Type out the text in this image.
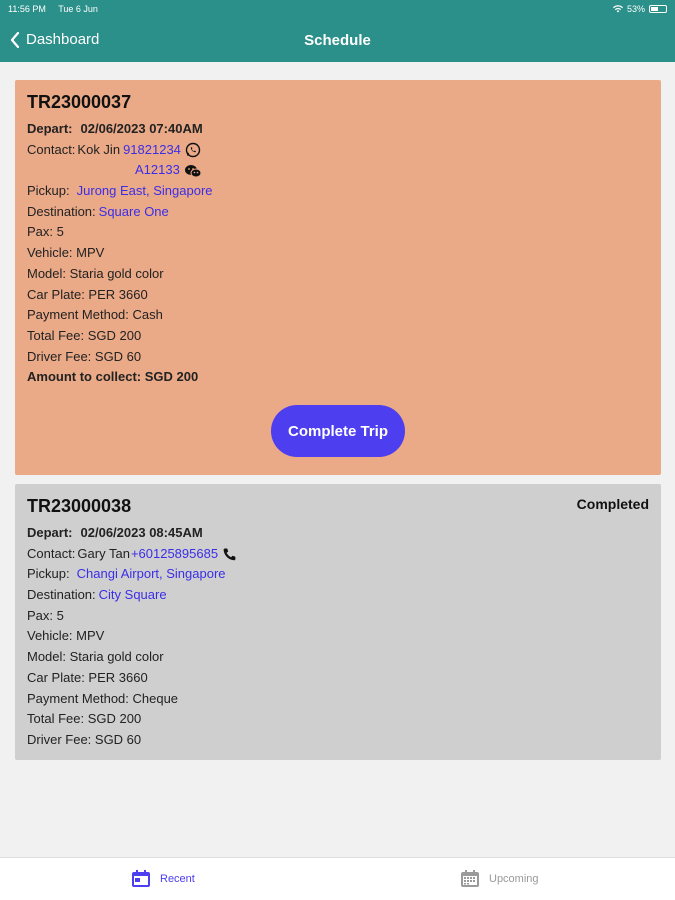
11:56 PM Tue 6 Jun	53%
Dashboard	Schedule
TR23000037
Depart: 02/06/2023 07:40AM
Contact: Kok Jin 91821234
A12133
Pickup: Jurong East, Singapore
Destination: Square One
Pax: 5
Vehicle: MPV
Model: Staria gold color
Car Plate: PER 3660
Payment Method: Cash
Total Fee: SGD 200
Driver Fee: SGD 60
Amount to collect: SGD 200
Complete Trip
Completed
TR23000038
Depart: 02/06/2023 08:45AM
Contact: Gary Tan +60125895685
Pickup: Changi Airport, Singapore
Destination: City Square
Pax: 5
Vehicle: MPV
Model: Staria gold color
Car Plate: PER 3660
Payment Method: Cheque
Total Fee: SGD 200
Driver Fee: SGD 60
Recent	Upcoming
